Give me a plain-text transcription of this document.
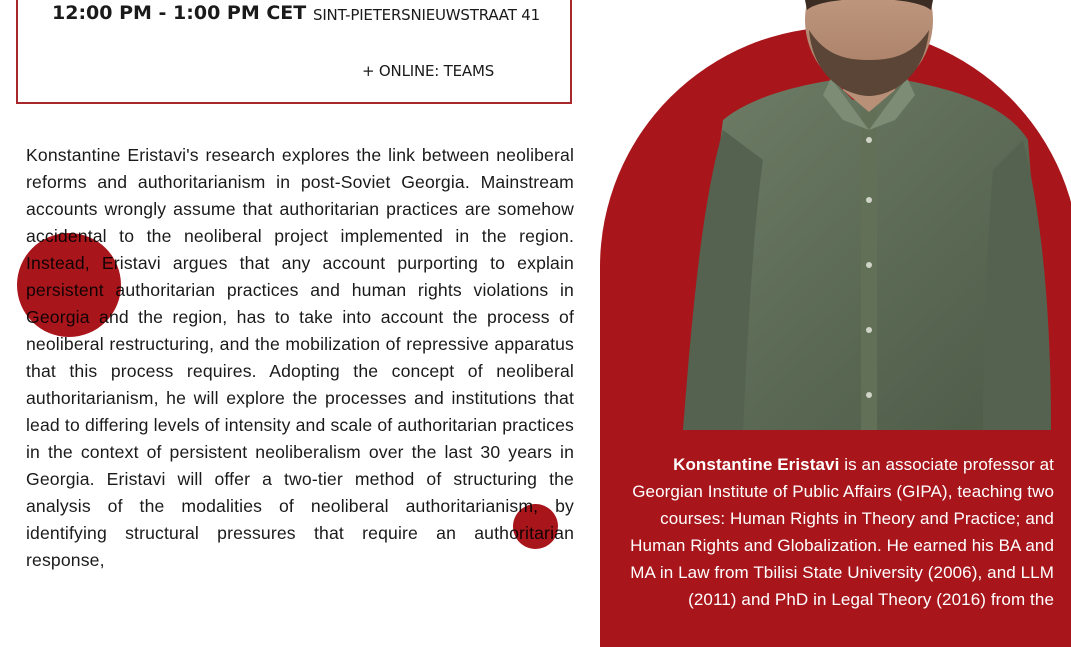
12:00 PM - 1:00 PM CET SINT-PIETERSNIEUWSTRAAT 41
+ ONLINE: TEAMS
Konstantine Eristavi's research explores the link between neoliberal reforms and authoritarianism in post-Soviet Georgia. Mainstream accounts wrongly assume that authoritarian practices are somehow accidental to the neoliberal project implemented in the region. Instead, Eristavi argues that any account purporting to explain persistent authoritarian practices and human rights violations in Georgia and the region, has to take into account the process of neoliberal restructuring, and the mobilization of repressive apparatus that this process requires. Adopting the concept of neoliberal authoritarianism, he will explore the processes and institutions that lead to differing levels of intensity and scale of authoritarian practices in the context of persistent neoliberalism over the last 30 years in Georgia. Eristavi will offer a two-tier method of structuring the analysis of the modalities of neoliberal authoritarianism, by identifying structural pressures that require an authoritarian response,
Konstantine Eristavi is an associate professor at Georgian Institute of Public Affairs (GIPA), teaching two courses: Human Rights in Theory and Practice; and Human Rights and Globalization. He earned his BA and MA in Law from Tbilisi State University (2006), and LLM (2011) and PhD in Legal Theory (2016) from the
